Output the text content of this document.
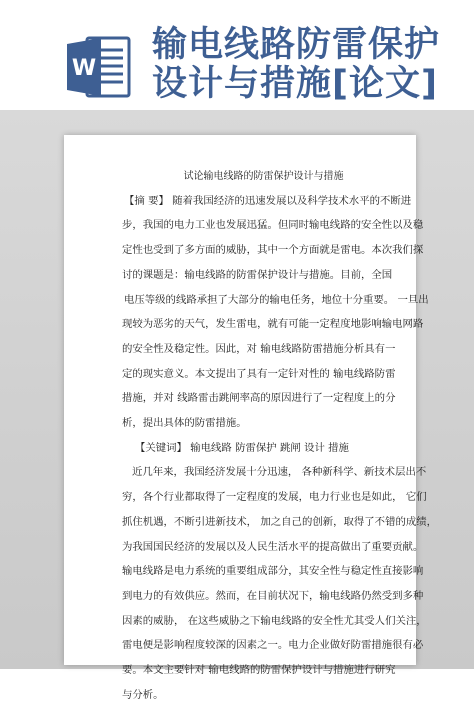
W
输电线路防雷保护
设计与措施[论文]
试论输电线路的防雷保护设计与措施
【摘 要】 随着我国经济的迅速发展以及科学技术水平的不断进
步，我国的电力工业也发展迅猛。但同时输电线路的安全性以及稳
定性也受到了多方面的威胁，其中一个方面就是雷电。本次我们探
讨的课题是：输电线路的防雷保护设计与措施。目前，全国
电压等级的线路承担了大部分的输电任务，地位十分重要。 一旦出
现较为恶劣的天气，发生雷电，就有可能一定程度地影响输电网路
的安全性及稳定性。因此，对 输电线路防雷措施分析具有一
定的现实意义。本文提出了具有一定针对性的 输电线路防雷
措施，并对 线路雷击跳闸率高的原因进行了一定程度上的分
析，提出具体的防雷措施。
【关键词】 输电线路 防雷保护 跳闸 设计 措施
近几年来，我国经济发展十分迅速， 各种新科学、新技术层出不
穷，各个行业都取得了一定程度的发展，电力行业也是如此， 它们
抓住机遇，不断引进新技术， 加之自己的创新，取得了不错的成绩，
为我国国民经济的发展以及人民生活水平的提高做出了重要贡献。
输电线路是电力系统的重要组成部分，其安全性与稳定性直接影响
到电力的有效供应。然而，在目前状况下，输电线路仍然受到多种
因素的威胁， 在这些威胁之下输电线路的安全性尤其受人们关注，
雷电便是影响程度较深的因素之一。电力企业做好防雷措施很有必
要。本文主要针对 输电线路的防雷保护设计与措施进行研究
与分析。
